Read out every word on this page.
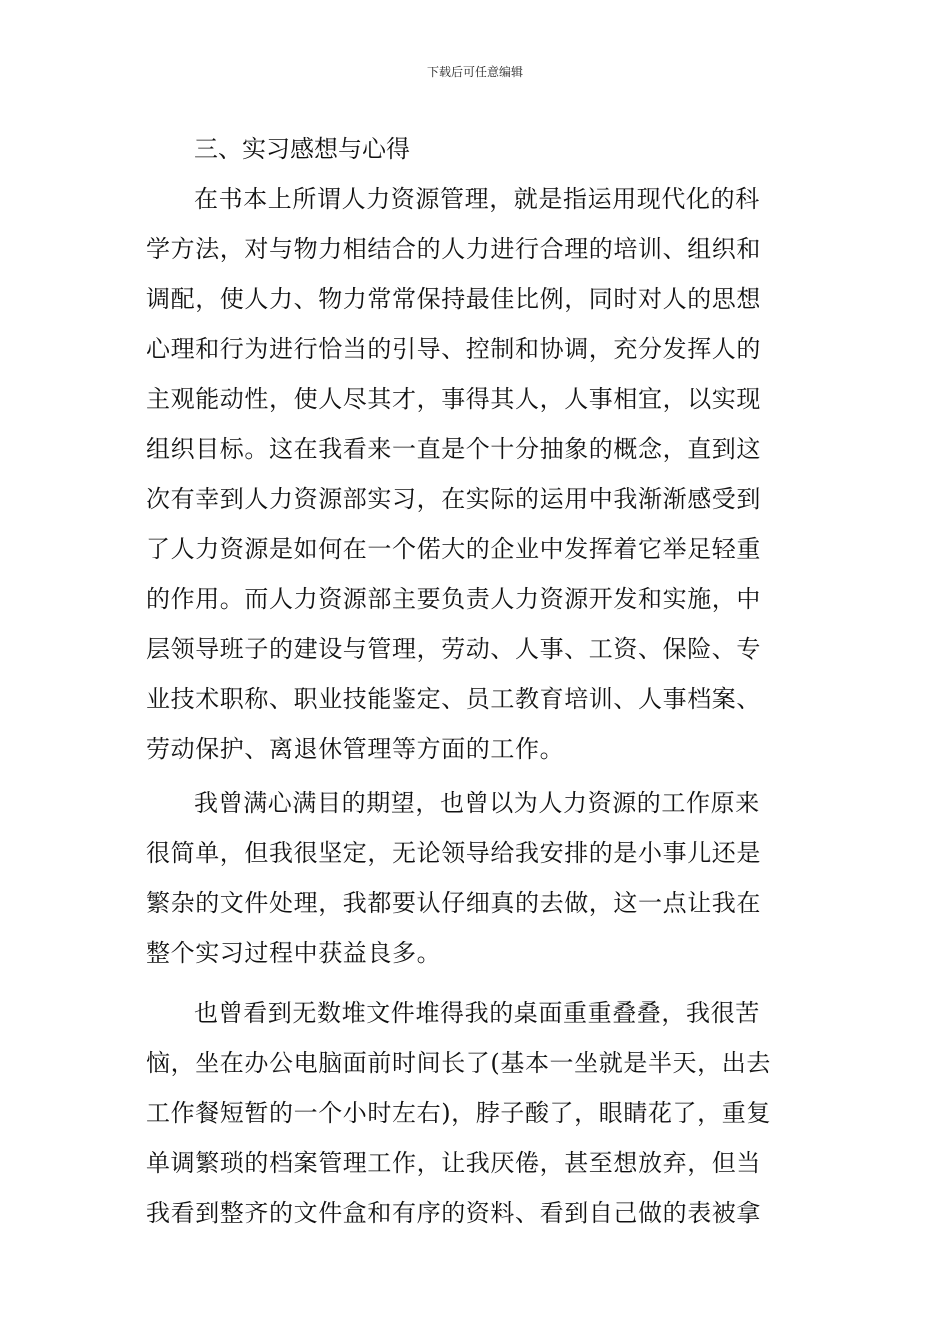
下载后可任意编辑
三、实习感想与心得

在书本上所谓人力资源管理，就是指运用现代化的科
学方法，对与物力相结合的人力进行合理的培训、组织和
调配，使人力、物力常常保持最佳比例，同时对人的思想
心理和行为进行恰当的引导、控制和协调，充分发挥人的
主观能动性，使人尽其才，事得其人，人事相宜，以实现
组织目标。这在我看来一直是个十分抽象的概念，直到这
次有幸到人力资源部实习，在实际的运用中我渐渐感受到
了人力资源是如何在一个偌大的企业中发挥着它举足轻重
的作用。而人力资源部主要负责人力资源开发和实施，中
层领导班子的建设与管理，劳动、人事、工资、保险、专
业技术职称、职业技能鉴定、员工教育培训、人事档案、
劳动保护、离退休管理等方面的工作。

我曾满心满目的期望，也曾以为人力资源的工作原来
很简单，但我很坚定，无论领导给我安排的是小事儿还是
繁杂的文件处理，我都要认仔细真的去做，这一点让我在
整个实习过程中获益良多。

也曾看到无数堆文件堆得我的桌面重重叠叠，我很苦
恼，坐在办公电脑面前时间长了(基本一坐就是半天，出去
工作餐短暂的一个小时左右)，脖子酸了，眼睛花了，重复
单调繁琐的档案管理工作，让我厌倦，甚至想放弃，但当
我看到整齐的文件盒和有序的资料、看到自己做的表被拿
